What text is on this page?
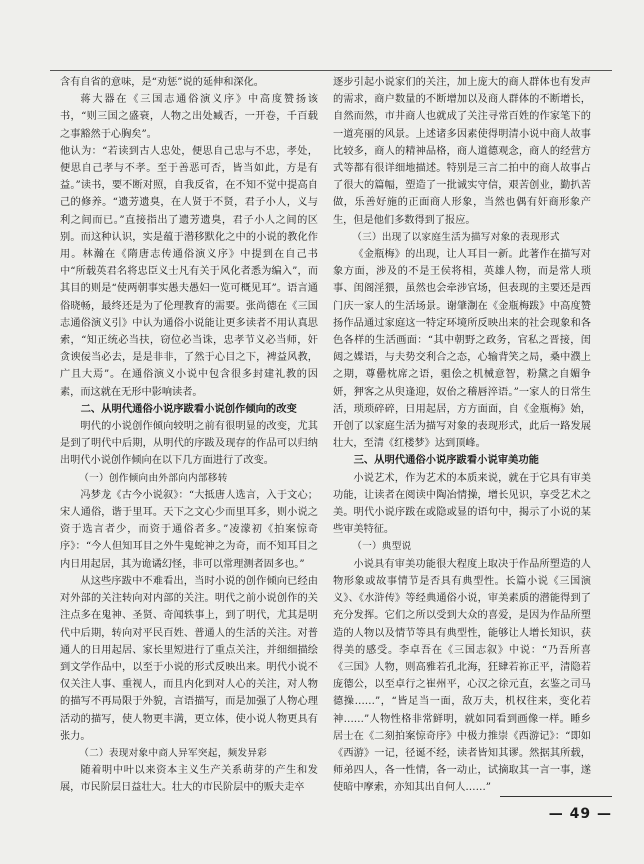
含有自省的意味，是“劝惩”说的延伸和深化。

蒋大器在《三国志通俗演义序》中高度赞扬该书，“则三国之盛衰，人物之出处臧否，一开卷，千百载之事豁然于心胸矣”。

他认为：“若读到古人忠处，便思自己忠与不忠，孝处，便思自己孝与不孝。至于善恶可否，皆当如此，方是有益。”读书，要不断对照，自我反省，在不知不觉中提高自己的修养。“遗芳遗臭，在人贤于不贤，君子小人，义与利之间而已。”直接指出了遗芳遗臭，君子小人之间的区别。而这种认识，实是蕴于潜移默化之中的小说的教化作用。林瀚在《隋唐志传通俗演义序》中提到在自己书中“所载英君名将忠臣义士凡有关于风化者悉为编入”，而其目的则是“使两朝事实愚夫愚妇一览可概见耳”。语言通俗晓畅，最终还是为了伦理教育的需要。张尚德在《三国志通俗演义引》中认为通俗小说能让更多读者不用认真思索，“知正统必当扶，窃位必当诛，忠孝节义必当师，奸贪谀佞当必去，是是非非，了然于心目之下，裨益风教，广且大焉”。在通俗演义小说中包含很多封建礼教的因素，而这就在无形中影响读者。

二、从明代通俗小说序跋看小说创作倾向的改变

明代的小说创作倾向较明之前有很明显的改变，尤其是到了明代中后期，从明代的序跋及现存的作品可以归纳出明代小说创作倾向在以下几方面进行了改变。

（一）创作倾向由外部向内部移转

冯梦龙《古今小说叙》：“大抵唐人选言，入于文心；宋人通俗，谐于里耳。天下之文心少而里耳多，则小说之资于选言者少，而资于通俗者多。”凌濛初《拍案惊奇序》：“今人但知耳目之外牛鬼蛇神之为奇，而不知耳目之内日用起居，其为诡谲幻怪，非可以常理测者固多也。”

从这些序跋中不难看出，当时小说的创作倾向已经由对外部的关注转向对内部的关注。明代之前小说创作的关注点多在鬼神、圣贤、奇闻轶事上，到了明代，尤其是明代中后期，转向对平民百姓、普通人的生活的关注。对普通人的日用起居、家长里短进行了重点关注，并细细描绘到文学作品中，以至于小说的形式反映出来。明代小说不仅关注人事、重视人，而且内化到对人心的关注，对人物的描写不再局限于外貌，言语描写，而是加强了人物心理活动的描写，使人物更丰满，更立体，使小说人物更具有张力。

（二）表现对象中商人异军突起，频发异彩

随着明中叶以来资本主义生产关系萌芽的产生和发展，市民阶层日益壮大。壮大的市民阶层中的贩夫走卒

逐步引起小说家们的关注，加上庞大的商人群体也有发声的需求，商户数量的不断增加以及商人群体的不断增长，自然而然，市井商人也就成了关注寻常百姓的作家笔下的一道亮丽的风景。上述诸多因素使得明清小说中商人故事比较多，商人的精神品格，商人道德观念，商人的经营方式等都有很详细地描述。特别是三言二拍中的商人故事占了很大的篇幅，塑造了一批诚实守信，艰苦创业，勤扒苦做，乐善好施的正面商人形象，当然也偶有奸商形象产生，但是他们多数得到了报应。

（三）出现了以家庭生活为描写对象的表现形式

《金瓶梅》的出现，让人耳目一新。此著作在描写对象方面，涉及的不是王侯将相，英雄人物，而是常人琐事、闺阁淫猥，虽然也会牵涉官场，但表现的主要还是西门庆一家人的生活场景。谢肇淛在《金瓶梅跋》中高度赞扬作品通过家庭这一特定环境所反映出来的社会现象和各色各样的生活画面：“其中朝野之政务，官私之晋接，闺闼之媟语，与夫势交利合之态，心输背笑之局，桑中濮上之期，尊罍枕席之语，驵侩之机械意智，粉黛之自媚争妍，狎客之从臾逢迎，奴佁之稽唇淬语。”一家人的日常生活，琐琐碎碎，日用起居，方方面面，自《金瓶梅》始，开创了以家庭生活为描写对象的表现形式，此后一路发展壮大，至清《红楼梦》达到顶峰。

三、从明代通俗小说序跋看小说审美功能

小说艺术，作为艺术的本质来说，就在于它具有审美功能，让读者在阅读中陶冶情操，增长见识，享受艺术之美。明代小说序跋在或隐或显的语句中，揭示了小说的某些审美特征。

（一）典型说

小说具有审美功能很大程度上取决于作品所塑造的人物形象或故事情节是否具有典型性。长篇小说《三国演义》、《水浒传》等经典通俗小说，审美素质的潜能得到了充分发挥。它们之所以受到大众的喜爱，是因为作品所塑造的人物以及情节等具有典型性，能够让人增长知识，获得美的感受。李卓吾在《三国志叙》中说：“乃吾所喜《三国》人物，则高雅若孔北海，狂肆若祢正平，清隐若庞德公，以至卓行之崔州平，心汉之徐元直，玄鉴之司马德操……”，“皆足当一面，敌万夫，机权往来，变化若神……”人物性格非常鲜明，就如同看到画像一样。睡乡居士在《二刻拍案惊奇序》中极力推崇《西游记》：“即如《西游》一记，径诞不经，读者皆知其谬。然据其所载，师弟四人，各一性情，各一动止，试摘取其一言一事，遂使暗中摩索，亦知其出自何人……”

— 49 —
